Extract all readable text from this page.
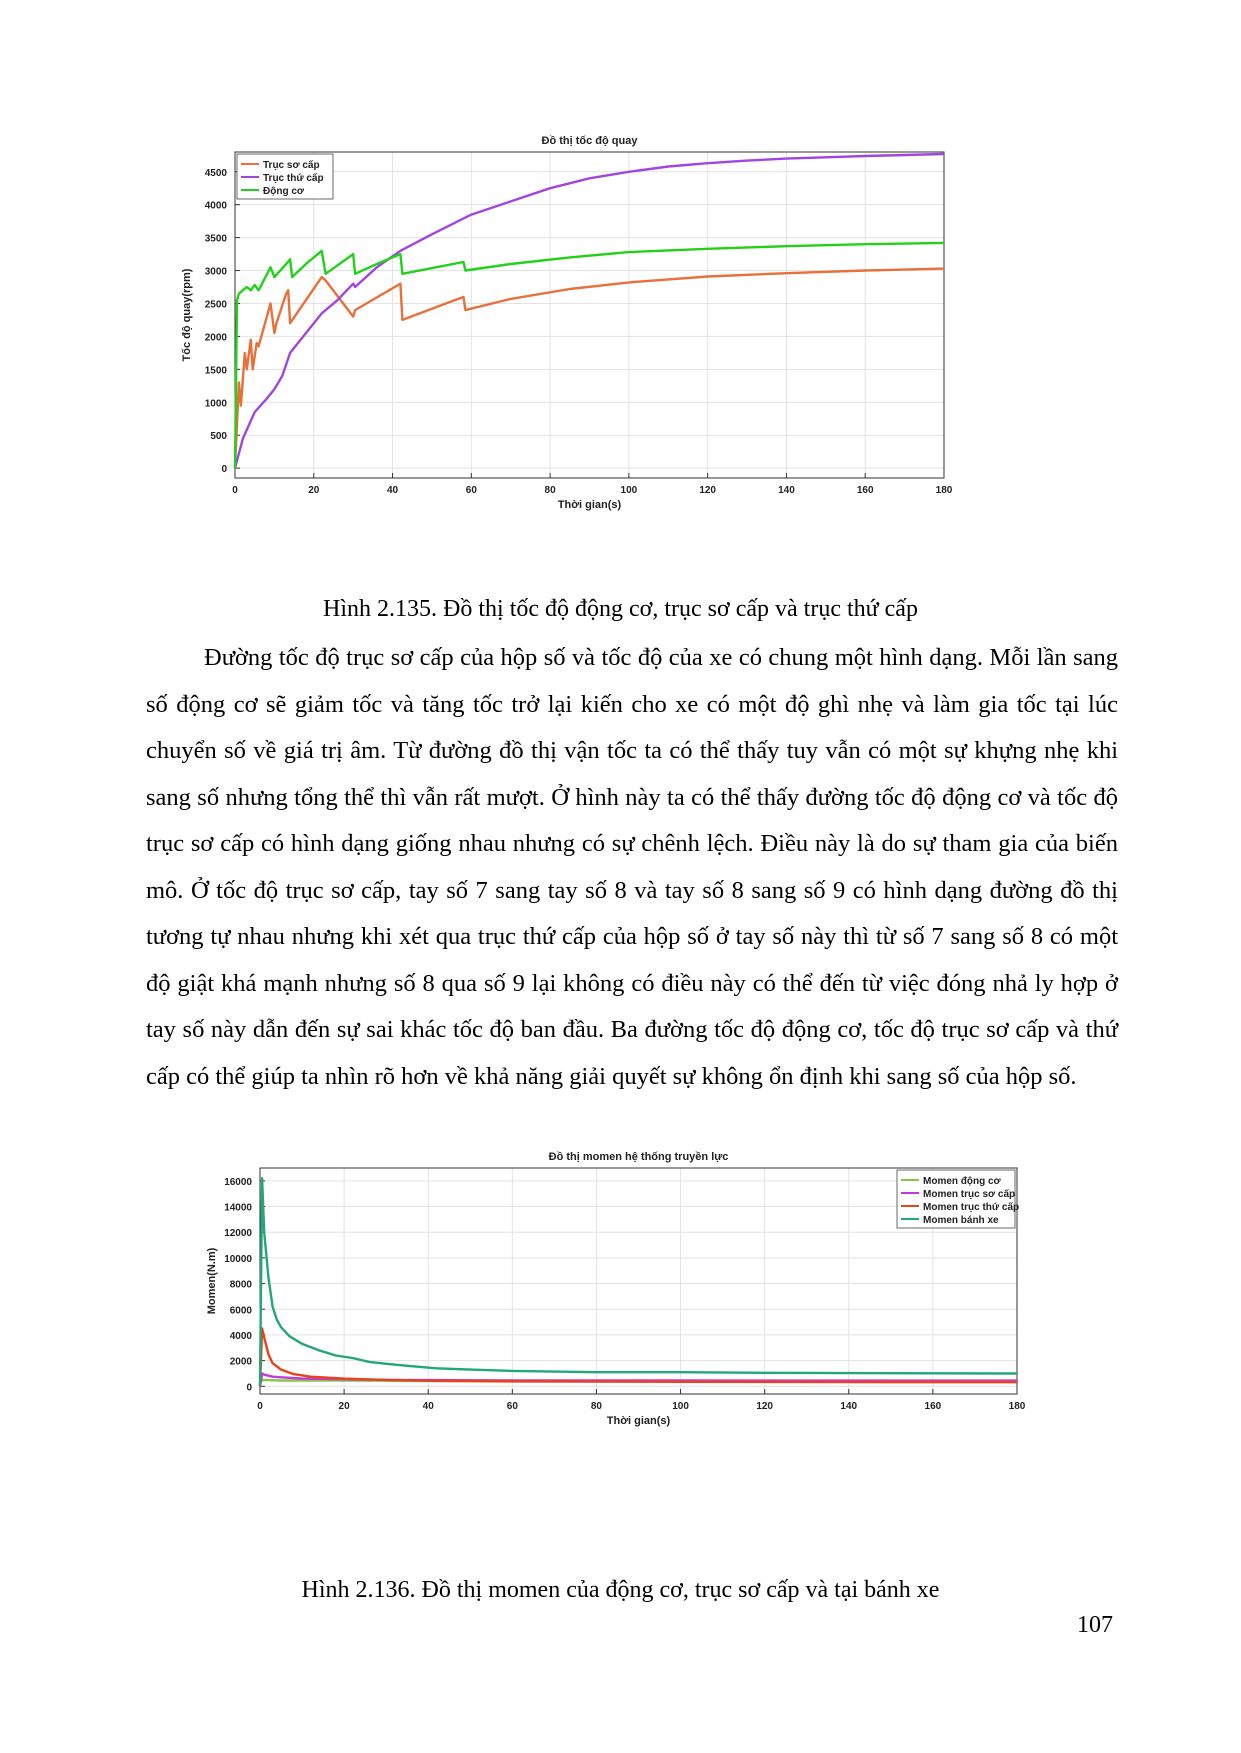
Đồ thị tốc độ quay
0	20	40	60	80	100	120	140	160	180
0
500
1000
1500
2000
2500
3000
3500
4000
4500
Thời gian(s)
Tốc độ quay(rpm)
Trục sơ cấp
Trục thứ cấp
Động cơ

Hình 2.135. Đồ thị tốc độ động cơ, trục sơ cấp và trục thứ cấp

Đường tốc độ trục sơ cấp của hộp số và tốc độ của xe có chung một hình dạng. Mỗi lần sang số động cơ sẽ giảm tốc và tăng tốc trở lại kiến cho xe có một độ ghì nhẹ và làm gia tốc tại lúc chuyển số về giá trị âm. Từ đường đồ thị vận tốc ta có thể thấy tuy vẫn có một sự khựng nhẹ khi sang số nhưng tổng thể thì vẫn rất mượt. Ở hình này ta có thể thấy đường tốc độ động cơ và tốc độ trục sơ cấp có hình dạng giống nhau nhưng có sự chênh lệch. Điều này là do sự tham gia của biến mô. Ở tốc độ trục sơ cấp, tay số 7 sang tay số 8 và tay số 8 sang số 9 có hình dạng đường đồ thị tương tự nhau nhưng khi xét qua trục thứ cấp của hộp số ở tay số này thì từ số 7 sang số 8 có một độ giật khá mạnh nhưng số 8 qua số 9 lại không có điều này có thể đến từ việc đóng nhả ly hợp ở tay số này dẫn đến sự sai khác tốc độ ban đầu. Ba đường tốc độ động cơ, tốc độ trục sơ cấp và thứ cấp có thể giúp ta nhìn rõ hơn về khả năng giải quyết sự không ổn định khi sang số của hộp số.

Đồ thị momen hệ thống truyền lực
0	20	40	60	80	100	120	140	160	180
0
2000
4000
6000
8000
10000
12000
14000
16000
Thời gian(s)
Momen(N.m)
Momen động cơ
Momen trục sơ cấp
Momen trục thứ cấp
Momen bánh xe

Hình 2.136. Đồ thị momen của động cơ, trục sơ cấp và tại bánh xe

107
